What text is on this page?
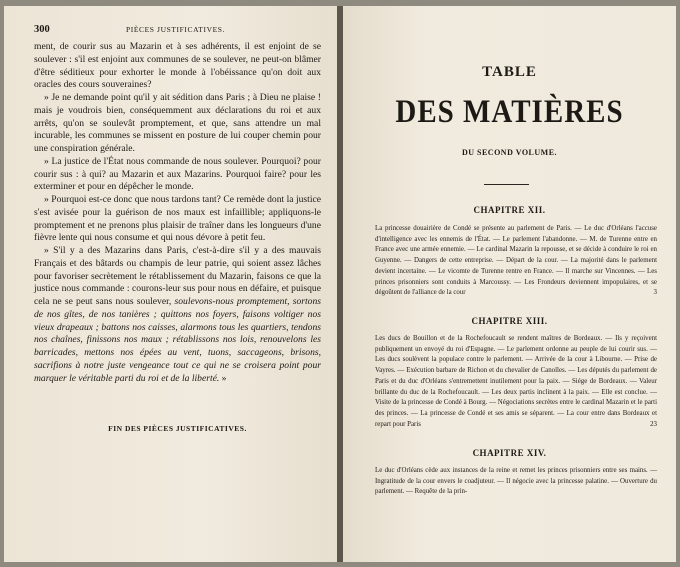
300	PIÈCES JUSTIFICATIVES.

ment, de courir sus au Mazarin et à ses adhérents, il est enjoint de se soulever : s'il est enjoint aux communes de se soulever, ne peut-on blâmer d'être séditieux pour exhorter le monde à l'obéissance qu'on doit aux oracles des cours souveraines?

» Je ne demande point qu'il y ait sédition dans Paris ; à Dieu ne plaise ! mais je voudrois bien, conséquemment aux déclarations du roi et aux arrêts, qu'on se soulevât promptement, et que, sans attendre un mal incurable, les communes se missent en posture de lui couper chemin pour une conspiration générale.

» La justice de l'État nous commande de nous soulever. Pourquoi? pour courir sus : à qui? au Mazarin et aux Mazarins. Pourquoi faire? pour les exterminer et pour en dépêcher le monde.

» Pourquoi est-ce donc que nous tardons tant? Ce remède dont la justice s'est avisée pour la guérison de nos maux est infaillible; appliquons-le promptement et ne prenons plus plaisir de traîner dans les longueurs d'une fièvre lente qui nous consume et qui nous dévore à petit feu.

» S'il y a des Mazarins dans Paris, c'est-à-dire s'il y a des mauvais Français et des bâtards ou champis de leur patrie, qui soient assez lâches pour favoriser secrètement le rétablissement du Mazarin, faisons ce que la justice nous commande : courons-leur sus pour nous en défaire, et puisque cela ne se peut sans nous soulever, soulevons-nous promptement, sortons de nos gîtes, de nos tanières ; quittons nos foyers, faisons voltiger nos vieux drapeaux ; battons nos caisses, alarmons tous les quartiers, tendons nos chaînes, finissons nos maux ; rétablissons nos lois, renouvelons les barricades, mettons nos épées au vent, tuons, saccageons, brisons, sacrifions à notre juste vengeance tout ce qui ne se croisera point pour marquer le véritable parti du roi et de la liberté. »

FIN DES PIÈCES JUSTIFICATIVES.
TABLE
DES MATIÈRES
DU SECOND VOLUME.
CHAPITRE XII.
La princesse douairière de Condé se présente au parlement de Paris. — Le duc d'Orléans l'accuse d'intelligence avec les ennemis de l'État. — Le parlement l'abandonne. — M. de Turenne entre en France avec une armée ennemie. — Le cardinal Mazarin la repousse, et se décide à conduire le roi en Guyenne. — Dangers de cette entreprise. — Départ de la cour. — La majorité dans le parlement devient incertaine. — Le vicomte de Turenne rentre en France. — Il marche sur Vincennes. — Les princes prisonniers sont conduits à Marcoussy. — Les Frondeurs deviennent impopulaires, et se dégoûtent de l'alliance de la cour	3
CHAPITRE XIII.
Les ducs de Bouillon et de la Rochefoucault se rendent maîtres de Bordeaux. — Ils y reçoivent publiquement un envoyé du roi d'Espagne. — Le parlement ordonne au peuple de lui courir sus. — Les ducs soulèvent la populace contre le parlement. — Arrivée de la cour à Libourne. — Prise de Vayres. — Exécution barbare de Richon et du chevalier de Canolles. — Les députés du parlement de Paris et du duc d'Orléans s'entremettent inutilement pour la paix. — Siége de Bordeaux. — Valeur brillante du duc de la Rochefoucault. — Les deux partis inclinent à la paix. — Elle est conclue. — Visite de la princesse de Condé à Bourg. — Négociations secrètes entre le cardinal Mazarin et le parti des princes. — La princesse de Condé et ses amis se séparent. — La cour entre dans Bordeaux et repart pour Paris	23
CHAPITRE XIV.
Le duc d'Orléans cède aux instances de la reine et remet les princes prisonniers entre ses mains. — Ingratitude de la cour envers le coadjuteur. — Il négocie avec la princesse palatine. — Ouverture du parlement. — Requête de la prin-
